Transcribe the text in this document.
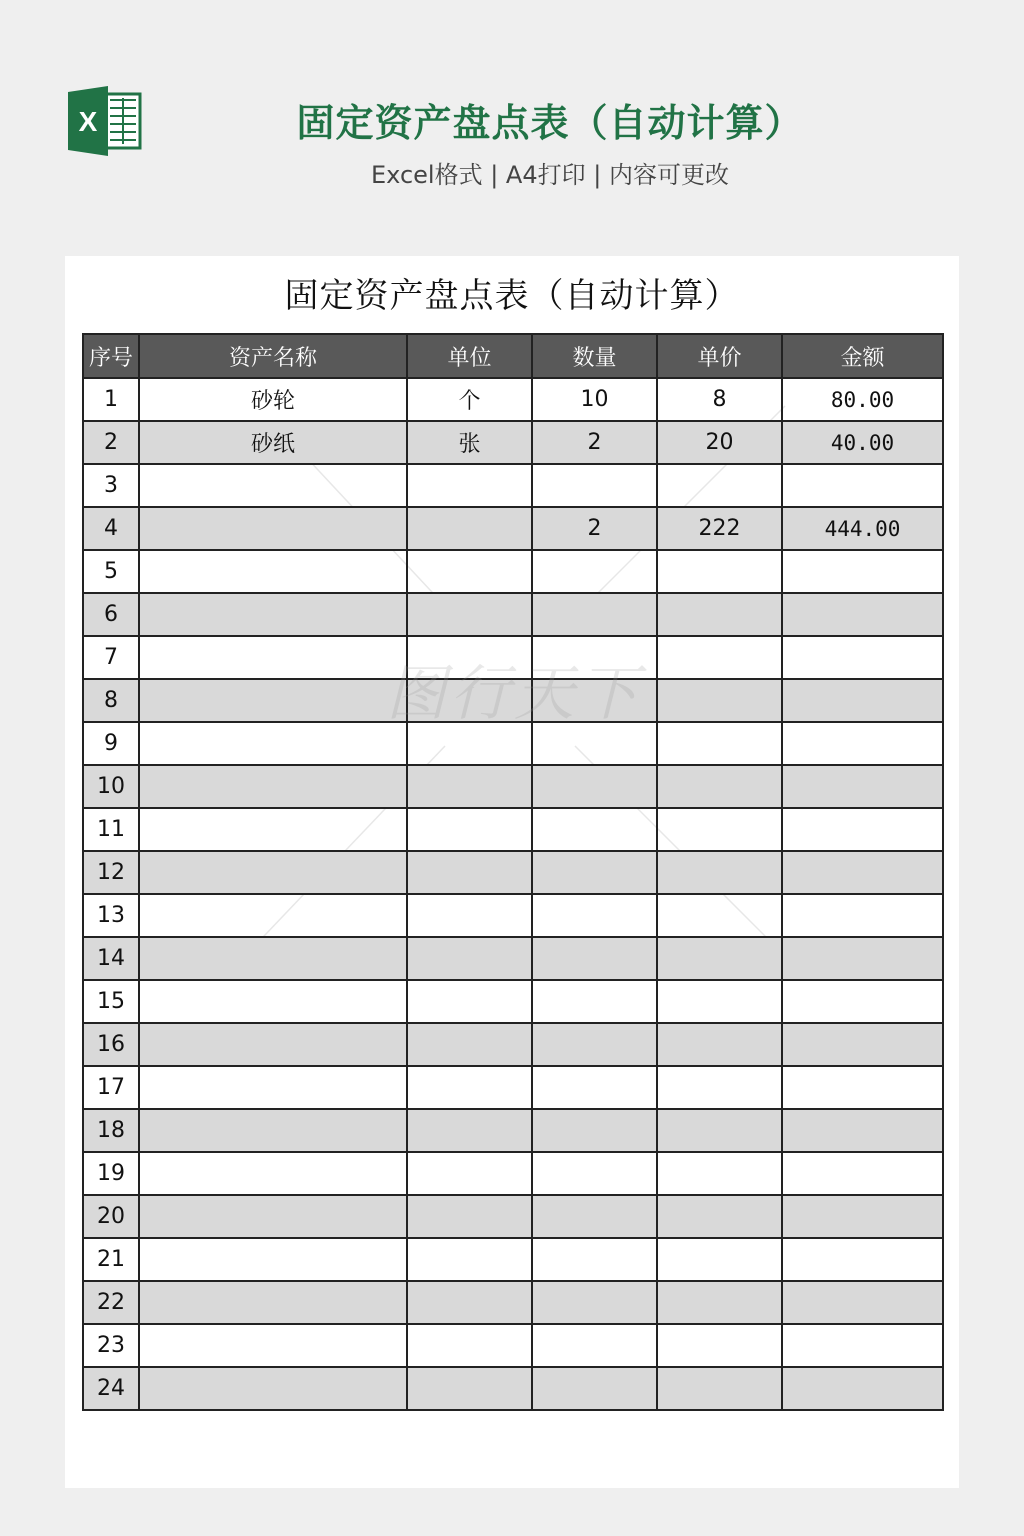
X	固定资产盘点表（自动计算）
Excel格式 | A4打印 | 内容可更改
固定资产盘点表（自动计算）
序号	资产名称	单位	数量	单价	金额
1	砂轮	个	10	8	80.00
2	砂纸	张	2	20	40.00
3					
4			2	222	444.00
5					
6					
7					
8					
9					
10					
11					
12					
13					
14					
15					
16					
17					
18					
19					
20					
21					
22					
23					
24					
图行天下
